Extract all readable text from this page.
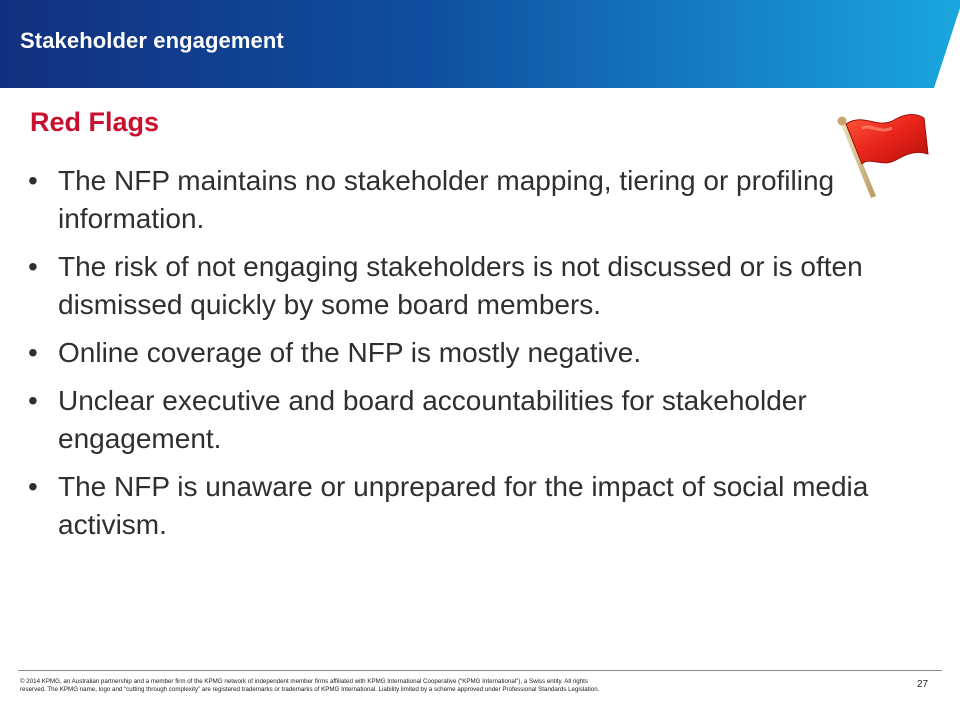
Stakeholder engagement
Red Flags
• The NFP maintains no stakeholder mapping, tiering or profiling information.
• The risk of not engaging stakeholders is not discussed or is often dismissed quickly by some board members.
• Online coverage of the NFP is mostly negative.
• Unclear executive and board accountabilities for stakeholder engagement.
• The NFP is unaware or unprepared for the impact of social media activism.
© 2014 KPMG, an Australian partnership and a member firm of the KPMG network of independent member firms affiliated with KPMG International Cooperative (“KPMG International”), a Swiss entity. All rights reserved. The KPMG name, logo and “cutting through complexity” are registered trademarks or trademarks of KPMG International. Liability limited by a scheme approved under Professional Standards Legislation.	27
